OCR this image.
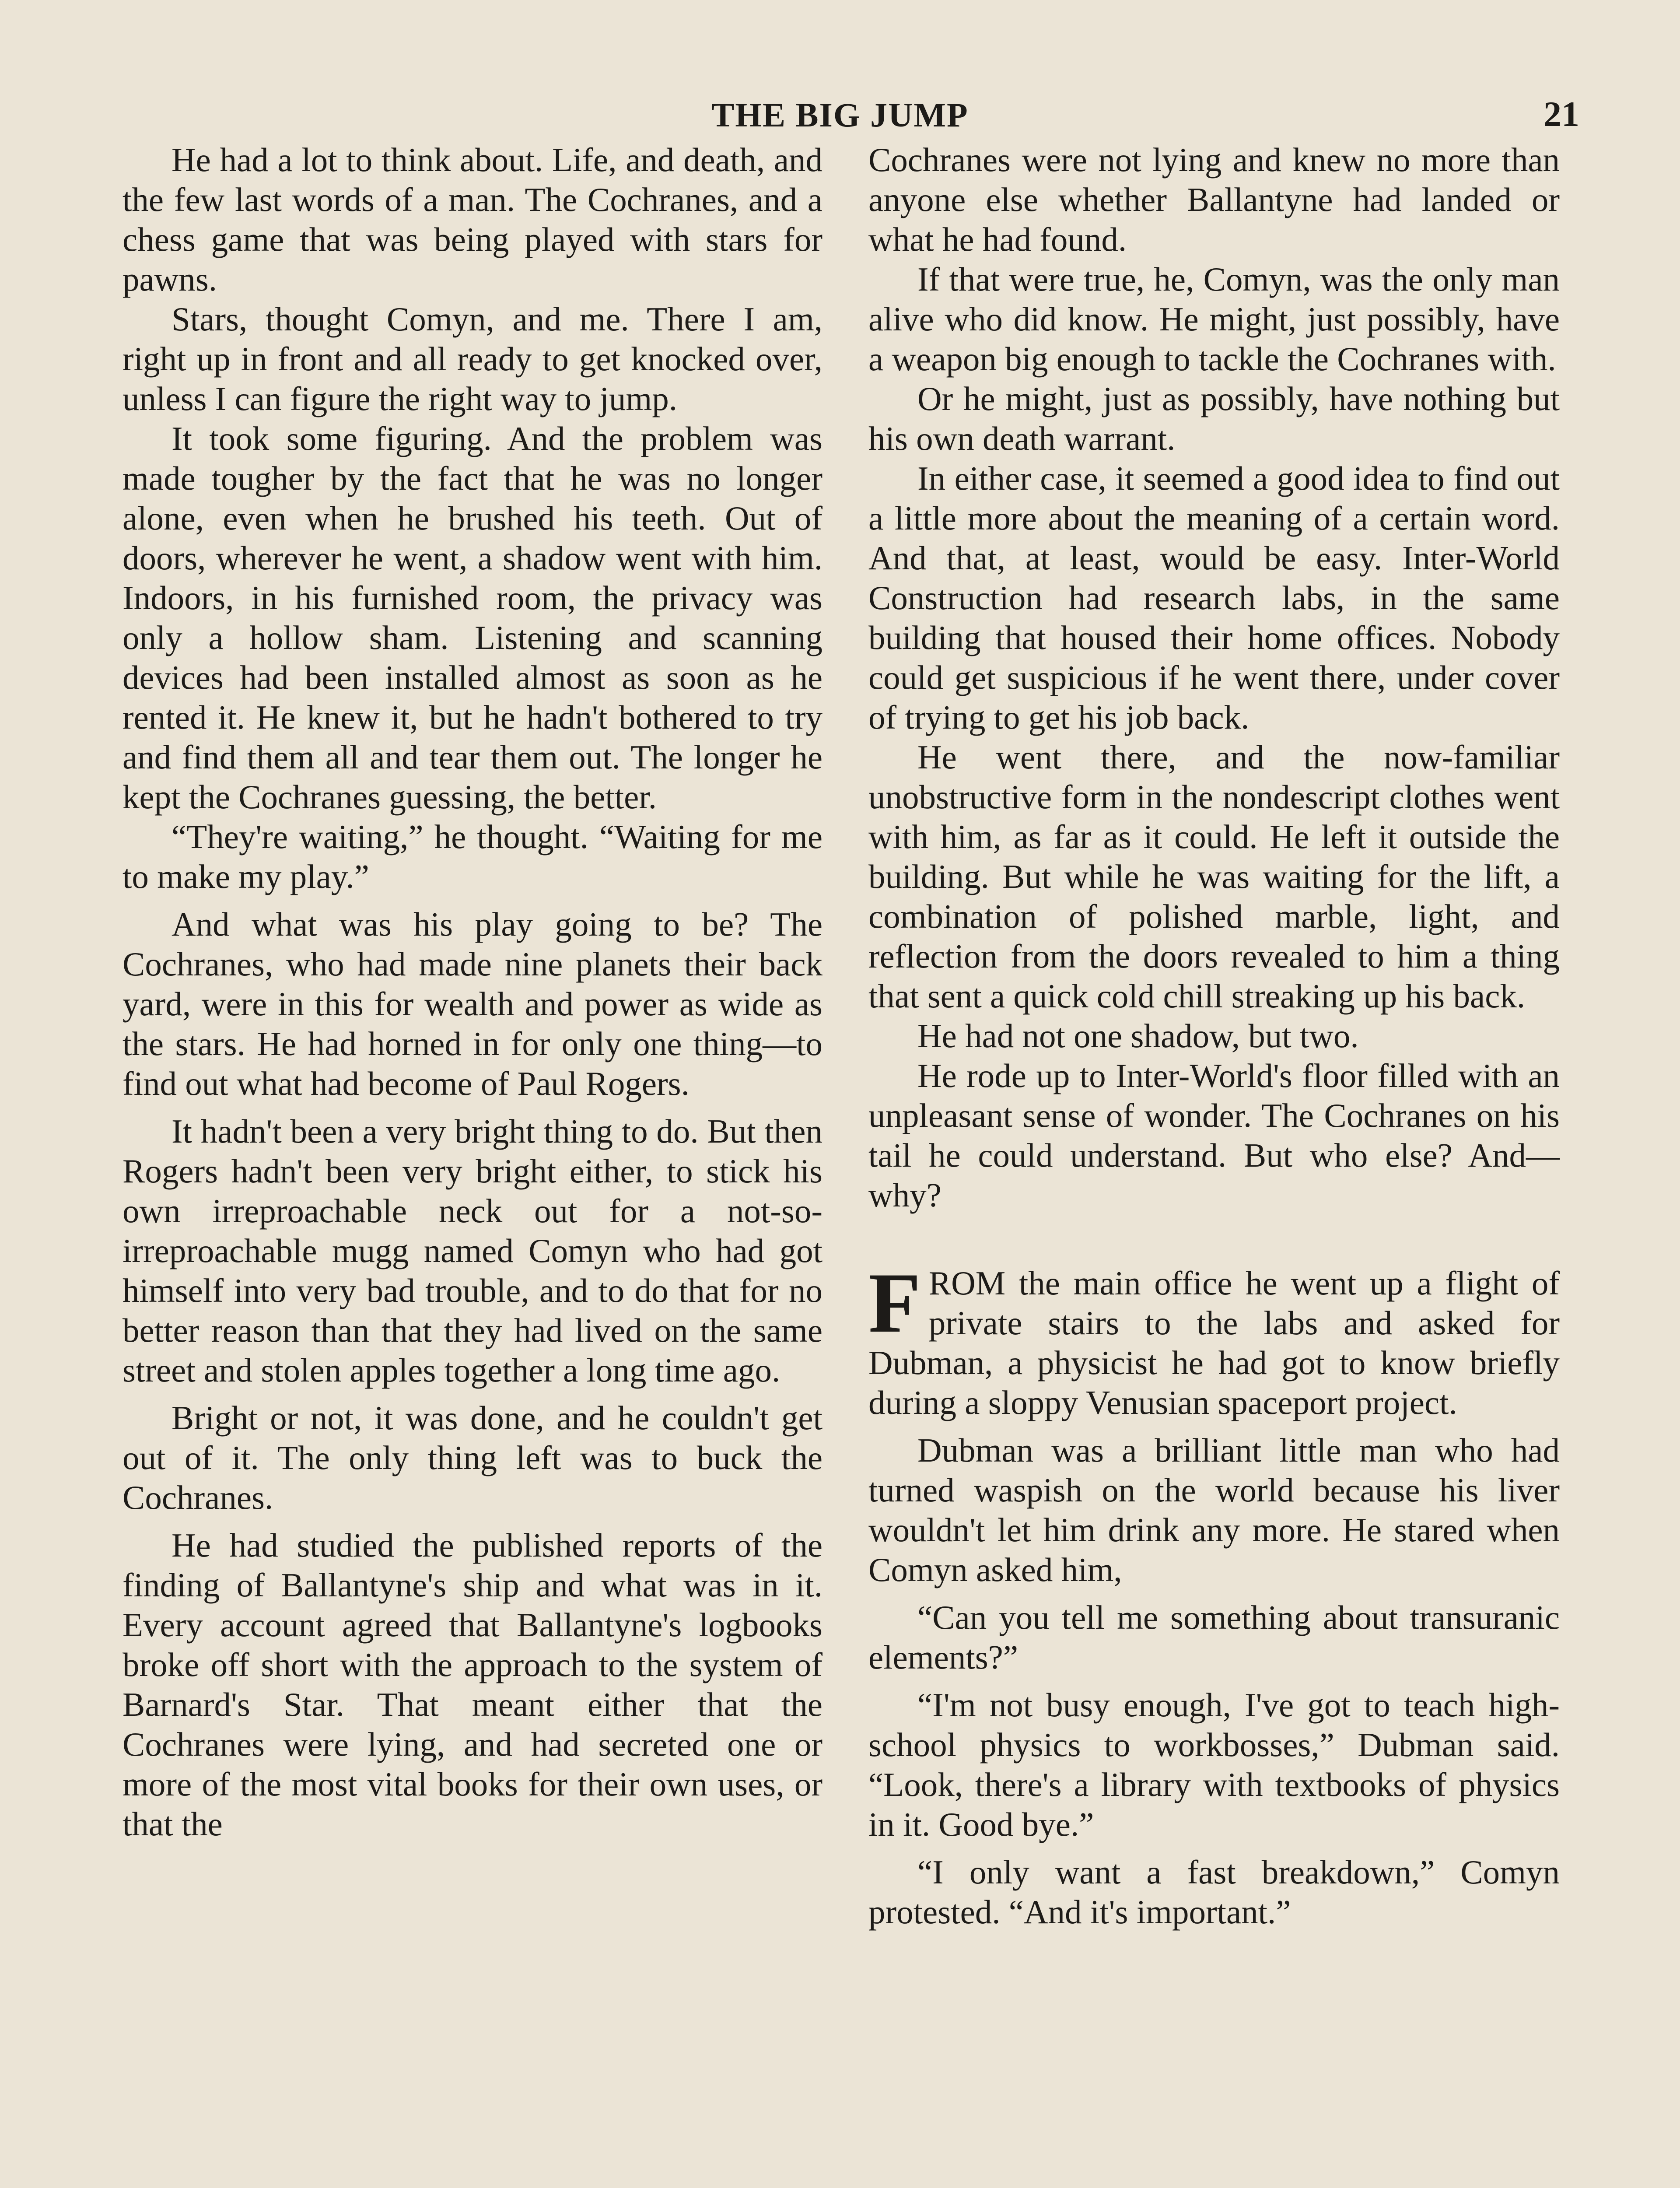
THE BIG JUMP	21

He had a lot to think about. Life, and death, and the few last words of a man. The Cochranes, and a chess game that was being played with stars for pawns.

Stars, thought Comyn, and me. There I am, right up in front and all ready to get knocked over, unless I can figure the right way to jump.

It took some figuring. And the problem was made tougher by the fact that he was no longer alone, even when he brushed his teeth. Out of doors, wherever he went, a shadow went with him. Indoors, in his furnished room, the privacy was only a hollow sham. Listening and scanning devices had been installed almost as soon as he rented it. He knew it, but he hadn't bothered to try and find them all and tear them out. The longer he kept the Cochranes guessing, the better.

“They're waiting,” he thought. “Waiting for me to make my play.”

And what was his play going to be? The Cochranes, who had made nine planets their back yard, were in this for wealth and power as wide as the stars. He had horned in for only one thing—to find out what had become of Paul Rogers.

It hadn't been a very bright thing to do. But then Rogers hadn't been very bright either, to stick his own irreproachable neck out for a not-so-irreproachable mugg named Comyn who had got himself into very bad trouble, and to do that for no better reason than that they had lived on the same street and stolen apples together a long time ago.

Bright or not, it was done, and he couldn't get out of it. The only thing left was to buck the Cochranes.

He had studied the published reports of the finding of Ballantyne's ship and what was in it. Every account agreed that Ballantyne's logbooks broke off short with the approach to the system of Barnard's Star. That meant either that the Cochranes were lying, and had secreted one or more of the most vital books for their own uses, or that the

Cochranes were not lying and knew no more than anyone else whether Ballantyne had landed or what he had found.

If that were true, he, Comyn, was the only man alive who did know. He might, just possibly, have a weapon big enough to tackle the Cochranes with.

Or he might, just as possibly, have nothing but his own death warrant.

In either case, it seemed a good idea to find out a little more about the meaning of a certain word. And that, at least, would be easy. Inter-World Construction had research labs, in the same building that housed their home offices. Nobody could get suspicious if he went there, under cover of trying to get his job back.

He went there, and the now-familiar unobstructive form in the nondescript clothes went with him, as far as it could. He left it outside the building. But while he was waiting for the lift, a combination of polished marble, light, and reflection from the doors revealed to him a thing that sent a quick cold chill streaking up his back.

He had not one shadow, but two.

He rode up to Inter-World's floor filled with an unpleasant sense of wonder. The Cochranes on his tail he could understand. But who else? And—why?

FROM the main office he went up a flight of private stairs to the labs and asked for Dubman, a physicist he had got to know briefly during a sloppy Venusian spaceport project.

Dubman was a brilliant little man who had turned waspish on the world because his liver wouldn't let him drink any more. He stared when Comyn asked him,

“Can you tell me something about transuranic elements?”

“I'm not busy enough, I've got to teach high-school physics to workbosses,” Dubman said. “Look, there's a library with textbooks of physics in it. Good bye.”

“I only want a fast breakdown,” Comyn protested. “And it's important.”
